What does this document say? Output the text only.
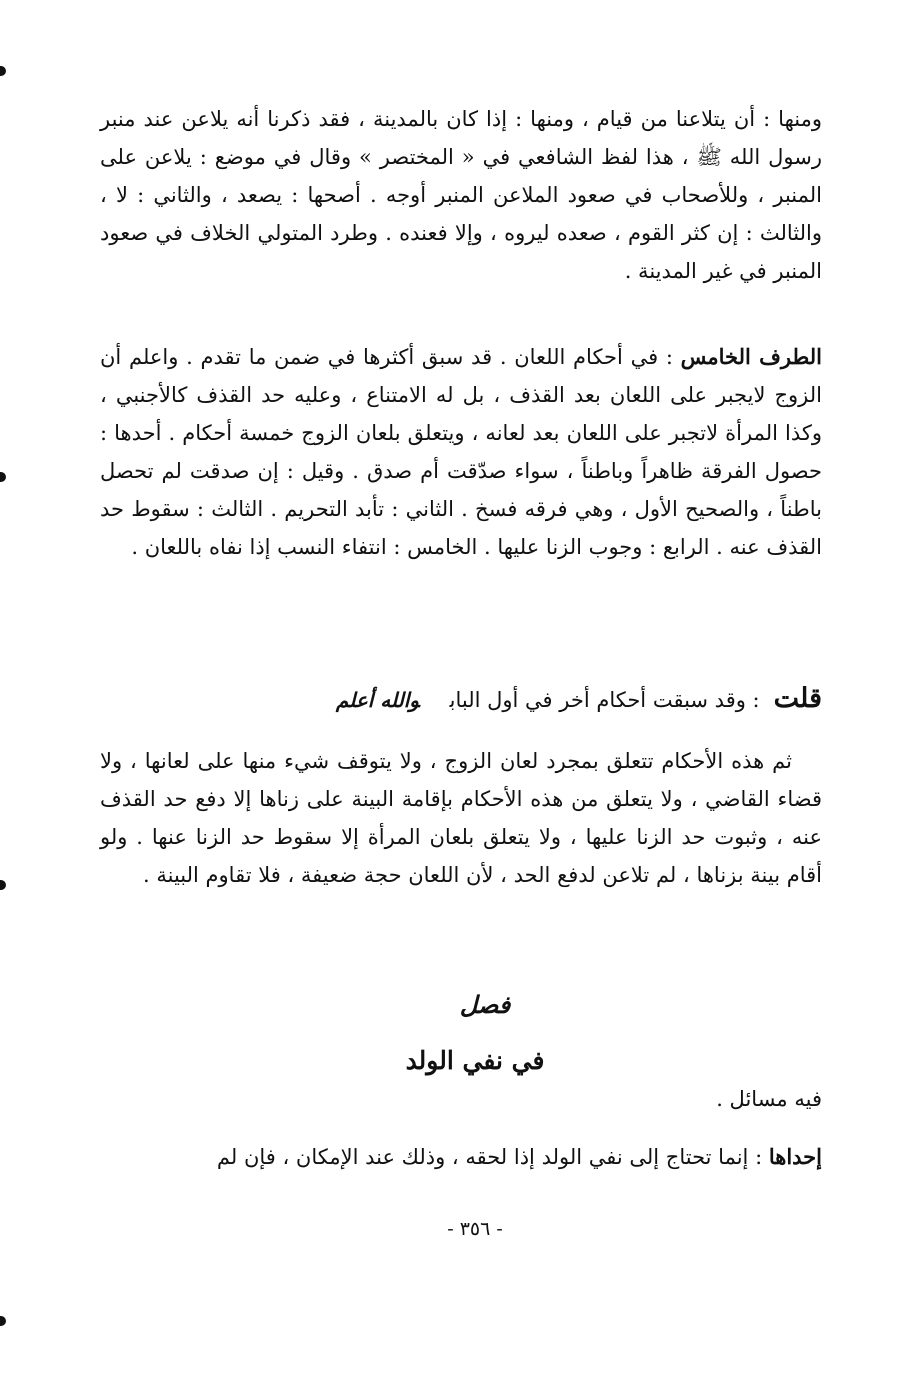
ومنها : أن يتلاعنا من قيام ، ومنها : إذا كان بالمدينة ، فقد ذكرنا أنه يلاعن عند منبر رسول الله ﷺ ، هذا لفظ الشافعي في « المختصر » وقال في موضع : يلاعن على المنبر ، وللأصحاب في صعود الملاعن المنبر أوجه . أصحها : يصعد ، والثاني : لا ، والثالث : إن كثر القوم ، صعده ليروه ، وإلا فعنده . وطرد المتولي الخلاف في صعود المنبر في غير المدينة .

الطرف الخامس : في أحكام اللعان . قد سبق أكثرها في ضمن ما تقدم . واعلم أن الزوج لايجبر على اللعان بعد القذف ، بل له الامتناع ، وعليه حد القذف كالأجنبي ، وكذا المرأة لاتجبر على اللعان بعد لعانه ، ويتعلق بلعان الزوج خمسة أحكام . أحدها : حصول الفرقة ظاهراً وباطناً ، سواء صدّقت أم صدق . وقيل : إن صدقت لم تحصل باطناً ، والصحيح الأول ، وهي فرقه فسخ . الثاني : تأبد التحريم . الثالث : سقوط حد القذف عنه . الرابع : وجوب الزنا عليها . الخامس : انتفاء النسب إذا نفاه باللعان .

قلت: وقد سبقت أحكام أخر في أول البابوالله أعلم

ثم هذه الأحكام تتعلق بمجرد لعان الزوج ، ولا يتوقف شيء منها على لعانها ، ولا قضاء القاضي ، ولا يتعلق من هذه الأحكام بإقامة البينة على زناها إلا دفع حد القذف عنه ، وثبوت حد الزنا عليها ، ولا يتعلق بلعان المرأة إلا سقوط حد الزنا عنها . ولو أقام بينة بزناها ، لم تلاعن لدفع الحد ، لأن اللعان حجة ضعيفة ، فلا تقاوم البينة .

فصل
في نفي الولد

فيه مسائل .

إحداها : إنما تحتاج إلى نفي الولد إذا لحقه ، وذلك عند الإمكان ، فإن لم

- ٣٥٦ -
